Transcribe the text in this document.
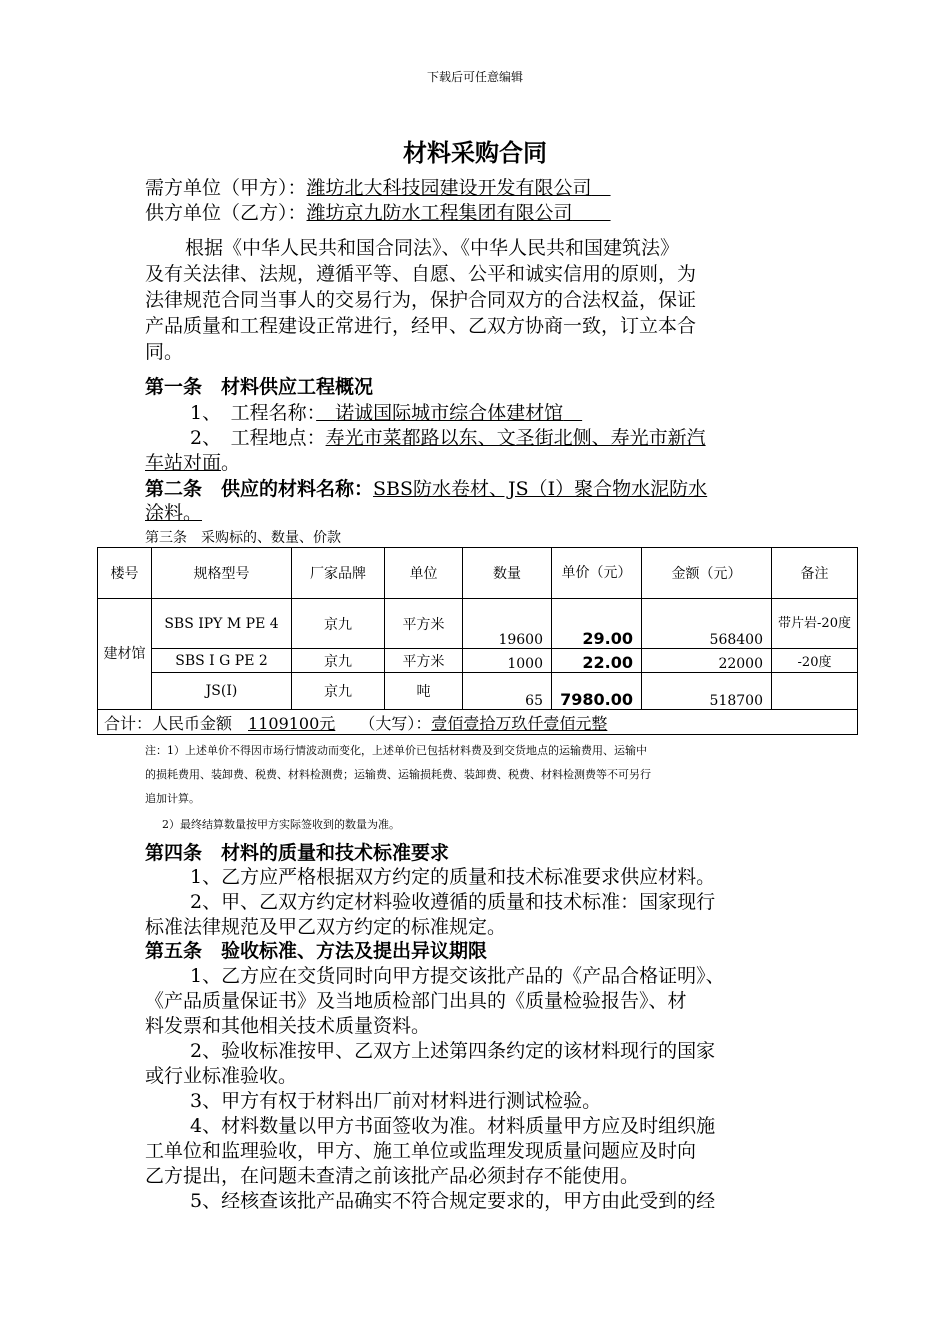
下载后可任意编辑
材料采购合同
需方单位（甲方）：潍坊北大科技园建设开发有限公司　
供方单位（乙方）：潍坊京九防水工程集团有限公司　　
根据《中华人民共和国合同法》、《中华人民共和国建筑法》
及有关法律、法规，遵循平等、自愿、公平和诚实信用的原则，为
法律规范合同当事人的交易行为，保护合同双方的合法权益，保证
产品质量和工程建设正常进行，经甲、乙双方协商一致，订立本合
同。
第一条　材料供应工程概况
1、　工程名称：　 诺诚国际城市综合体建材馆　
2、　工程地点：寿光市菜都路以东、文圣街北侧、寿光市新汽
车站对面。
第二条　供应的材料名称：SBS防水卷材、JS（Ⅰ）聚合物水泥防水
涂料。
第三条　采购标的、数量、价款
楼号	规格型号	厂家品牌	单位	数量	单价（元）	金额（元）	备注
建材馆	SBS ⅠPY M PE 4	京九	平方米	19600	29.00	568400	带片岩-20度
	SBS Ⅰ G PE 2	京九	平方米	1000	22.00	22000	-20度
	JS(Ⅰ)	京九	吨	65	7980.00	518700	
合计：人民币金额　 1109100元　　 （大写）：壹佰壹拾万玖仟壹佰元整							
注：1）上述单价不得因市场行情波动而变化，上述单价已包括材料费及到交货地点的运输费用、运输中
的损耗费用、装卸费、税费、材料检测费；运输费、运输损耗费、装卸费、税费、材料检测费等不可另行
追加计算。
2）最终结算数量按甲方实际签收到的数量为准。
第四条　材料的质量和技术标准要求
1、乙方应严格根据双方约定的质量和技术标准要求供应材料。
2、甲、乙双方约定材料验收遵循的质量和技术标准：国家现行
标准法律规范及甲乙双方约定的标准规定。
第五条　验收标准、方法及提出异议期限
1、乙方应在交货同时向甲方提交该批产品的《产品合格证明》、
《产品质量保证书》及当地质检部门出具的《质量检验报告》、材
料发票和其他相关技术质量资料。
2、验收标准按甲、乙双方上述第四条约定的该材料现行的国家
或行业标准验收。
3、甲方有权于材料出厂前对材料进行测试检验。
4、材料数量以甲方书面签收为准。材料质量甲方应及时组织施
工单位和监理验收，甲方、施工单位或监理发现质量问题应及时向
乙方提出，在问题未查清之前该批产品必须封存不能使用。
5、经核查该批产品确实不符合规定要求的，甲方由此受到的经
